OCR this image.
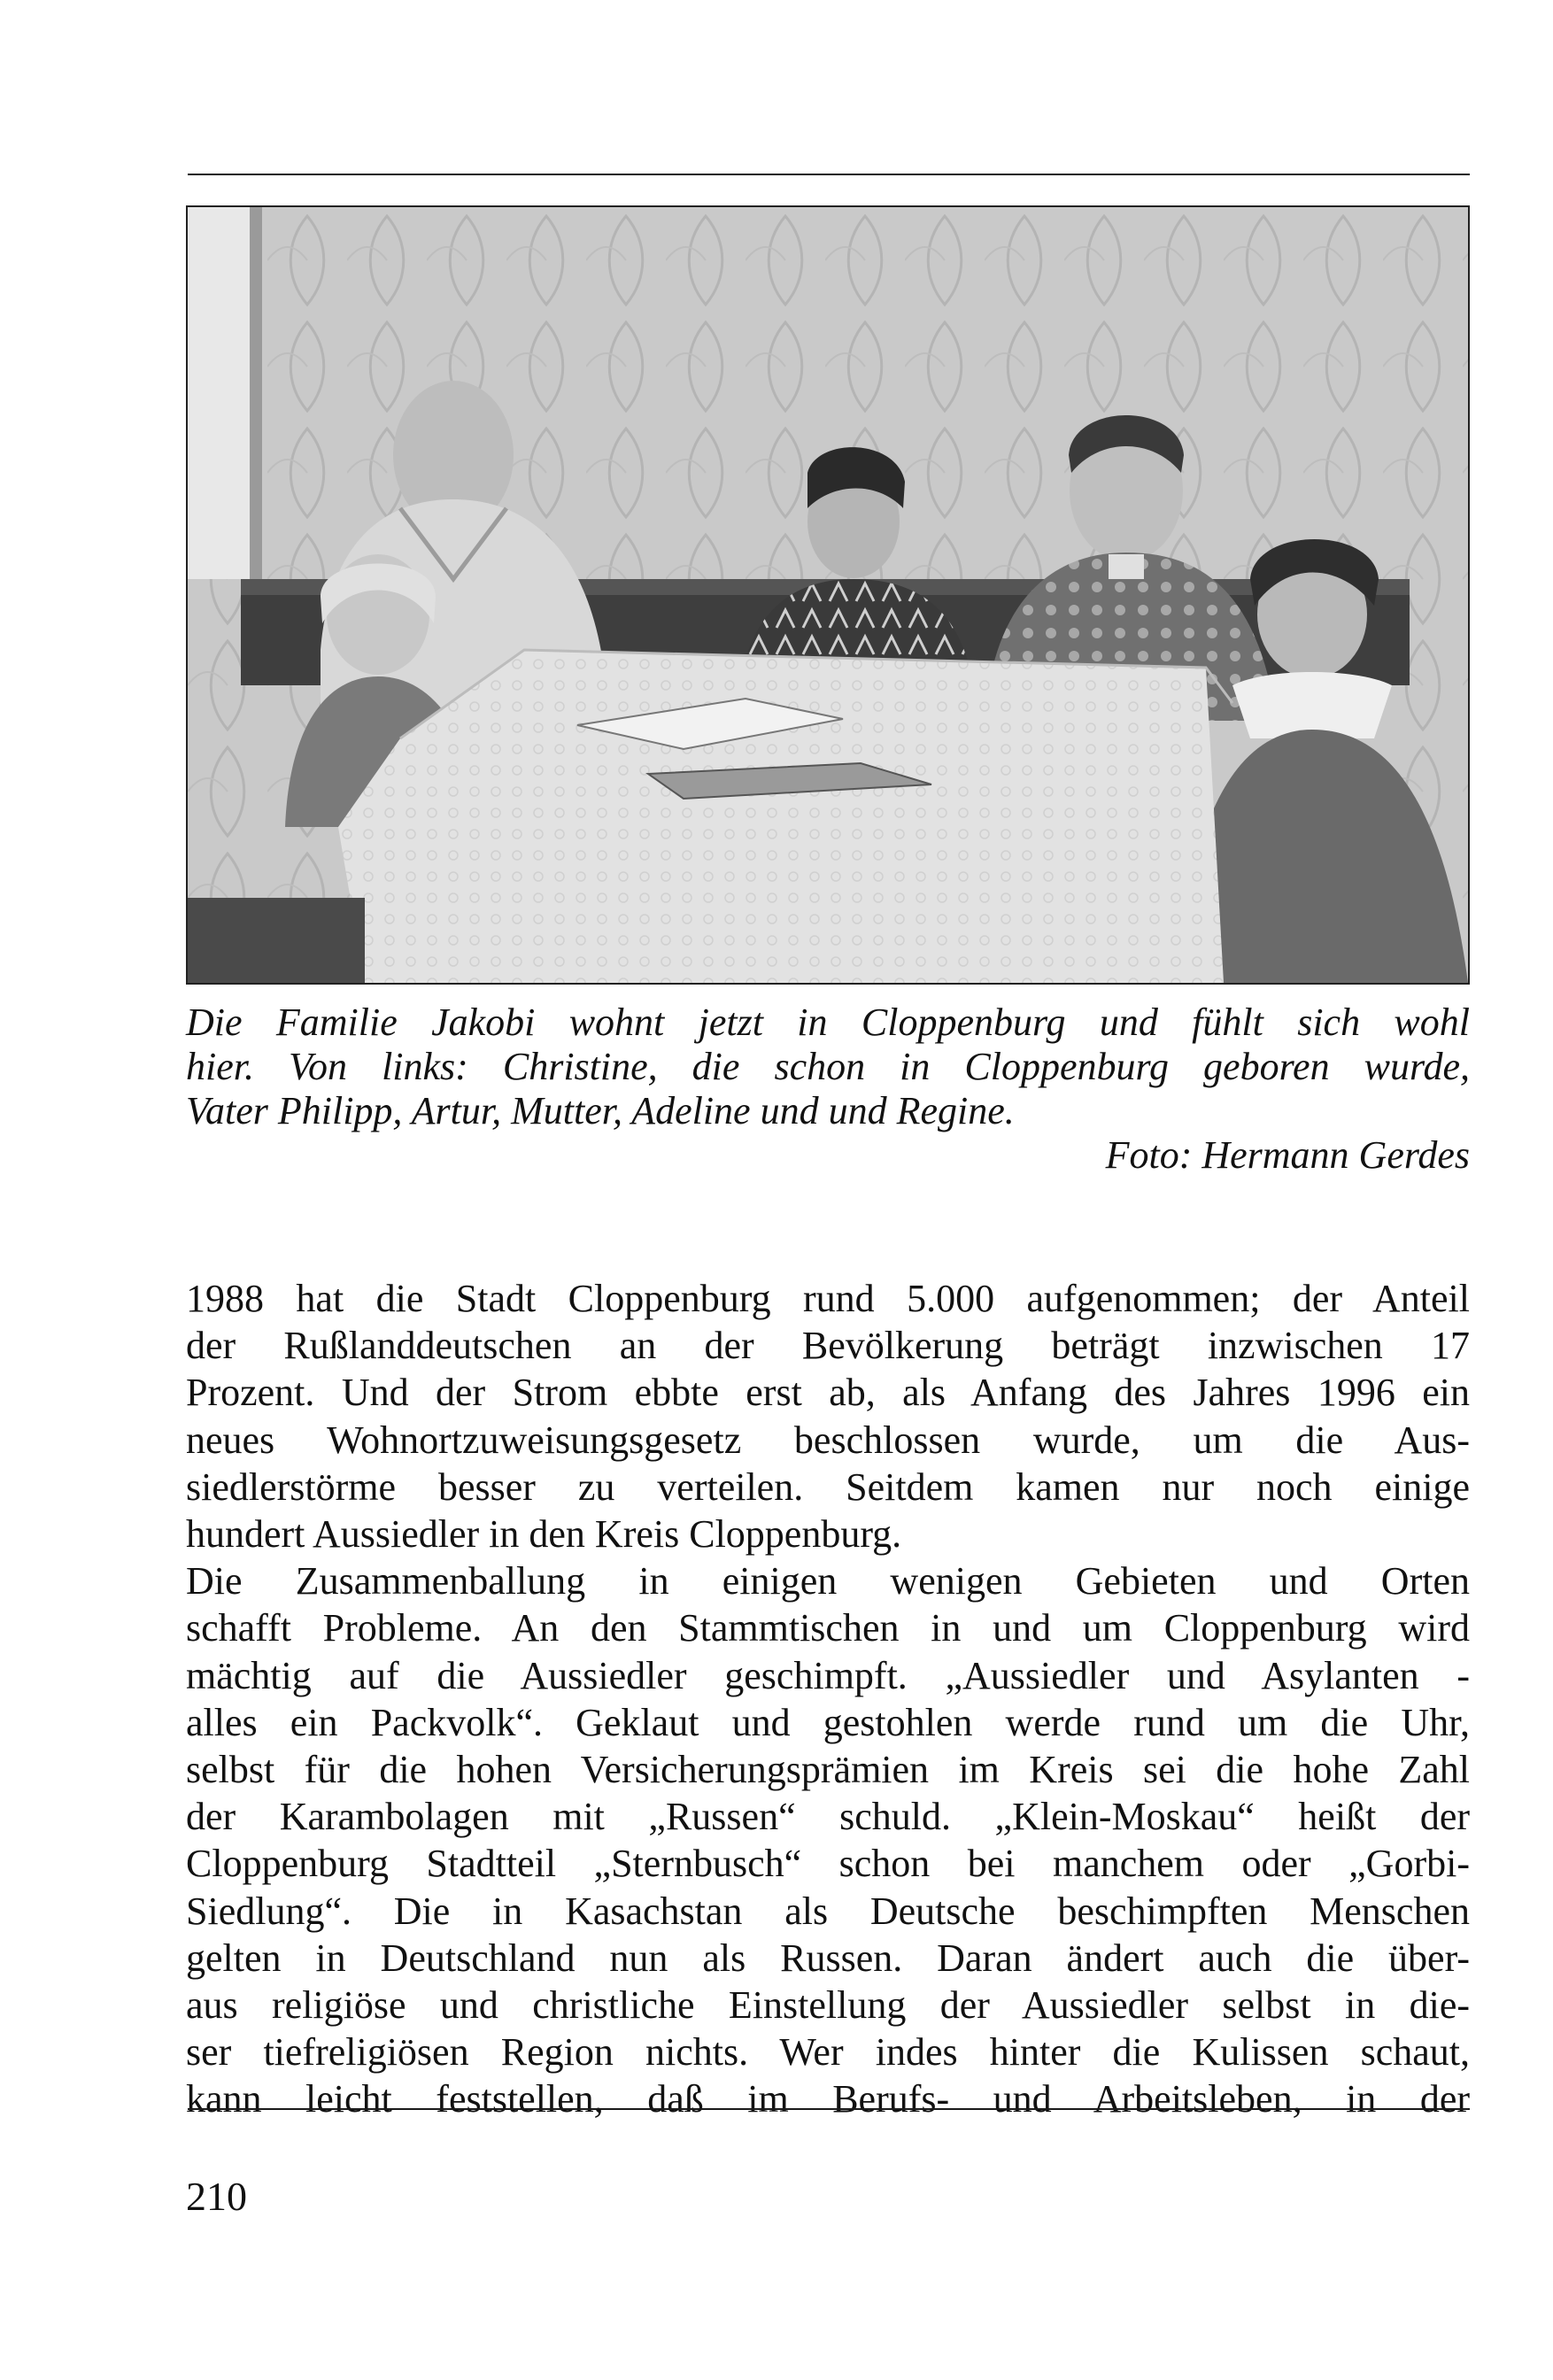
Die Familie Jakobi wohnt jetzt in Cloppenburg und fühlt sich wohl
hier. Von links: Christine, die schon in Cloppenburg geboren wurde,
Vater Philipp, Artur, Mutter, Adeline und und Regine.
Foto: Hermann Gerdes
1988 hat die Stadt Cloppenburg rund 5.000 aufgenommen; der Anteil
der Rußlanddeutschen an der Bevölkerung beträgt inzwischen 17
Prozent. Und der Strom ebbte erst ab, als Anfang des Jahres 1996 ein
neues Wohnortzuweisungsgesetz beschlossen wurde, um die Aus-
siedlerstörme besser zu verteilen. Seitdem kamen nur noch einige
hundert Aussiedler in den Kreis Cloppenburg.
Die Zusammenballung in einigen wenigen Gebieten und Orten
schafft Probleme. An den Stammtischen in und um Cloppenburg wird
mächtig auf die Aussiedler geschimpft. „Aussiedler und Asylanten -
alles ein Packvolk“. Geklaut und gestohlen werde rund um die Uhr,
selbst für die hohen Versicherungsprämien im Kreis sei die hohe Zahl
der Karambolagen mit „Russen“ schuld. „Klein-Moskau“ heißt der
Cloppenburg Stadtteil „Sternbusch“ schon bei manchem oder „Gorbi-
Siedlung“. Die in Kasachstan als Deutsche beschimpften Menschen
gelten in Deutschland nun als Russen. Daran ändert auch die über-
aus religiöse und christliche Einstellung der Aussiedler selbst in die-
ser tiefreligiösen Region nichts. Wer indes hinter die Kulissen schaut,
kann leicht feststellen, daß im Berufs- und Arbeitsleben, in der
210
